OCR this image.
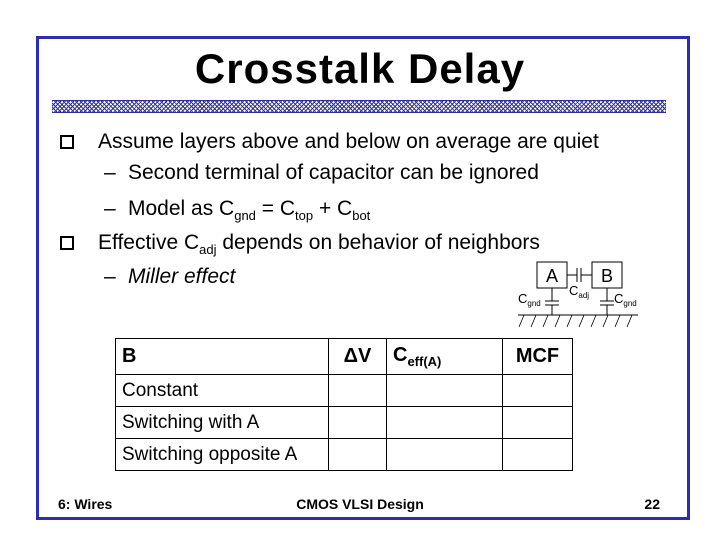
Crosstalk Delay
Assume layers above and below on average are quiet
– Second terminal of capacitor can be ignored
– Model as $C_{gnd} = C_{top} + C_{bot}$
Effective $C_{adj}$ depends on behavior of neighbors
– Miller effect	A B
$C_{gnd}$
$C_{adj}$ $C_{gnd}$
B	ΔV	$C_{eff(A)}$	MCF
Constant			
Switching with A			
Switching opposite A			
6: Wires	CMOS VLSI Design	22
